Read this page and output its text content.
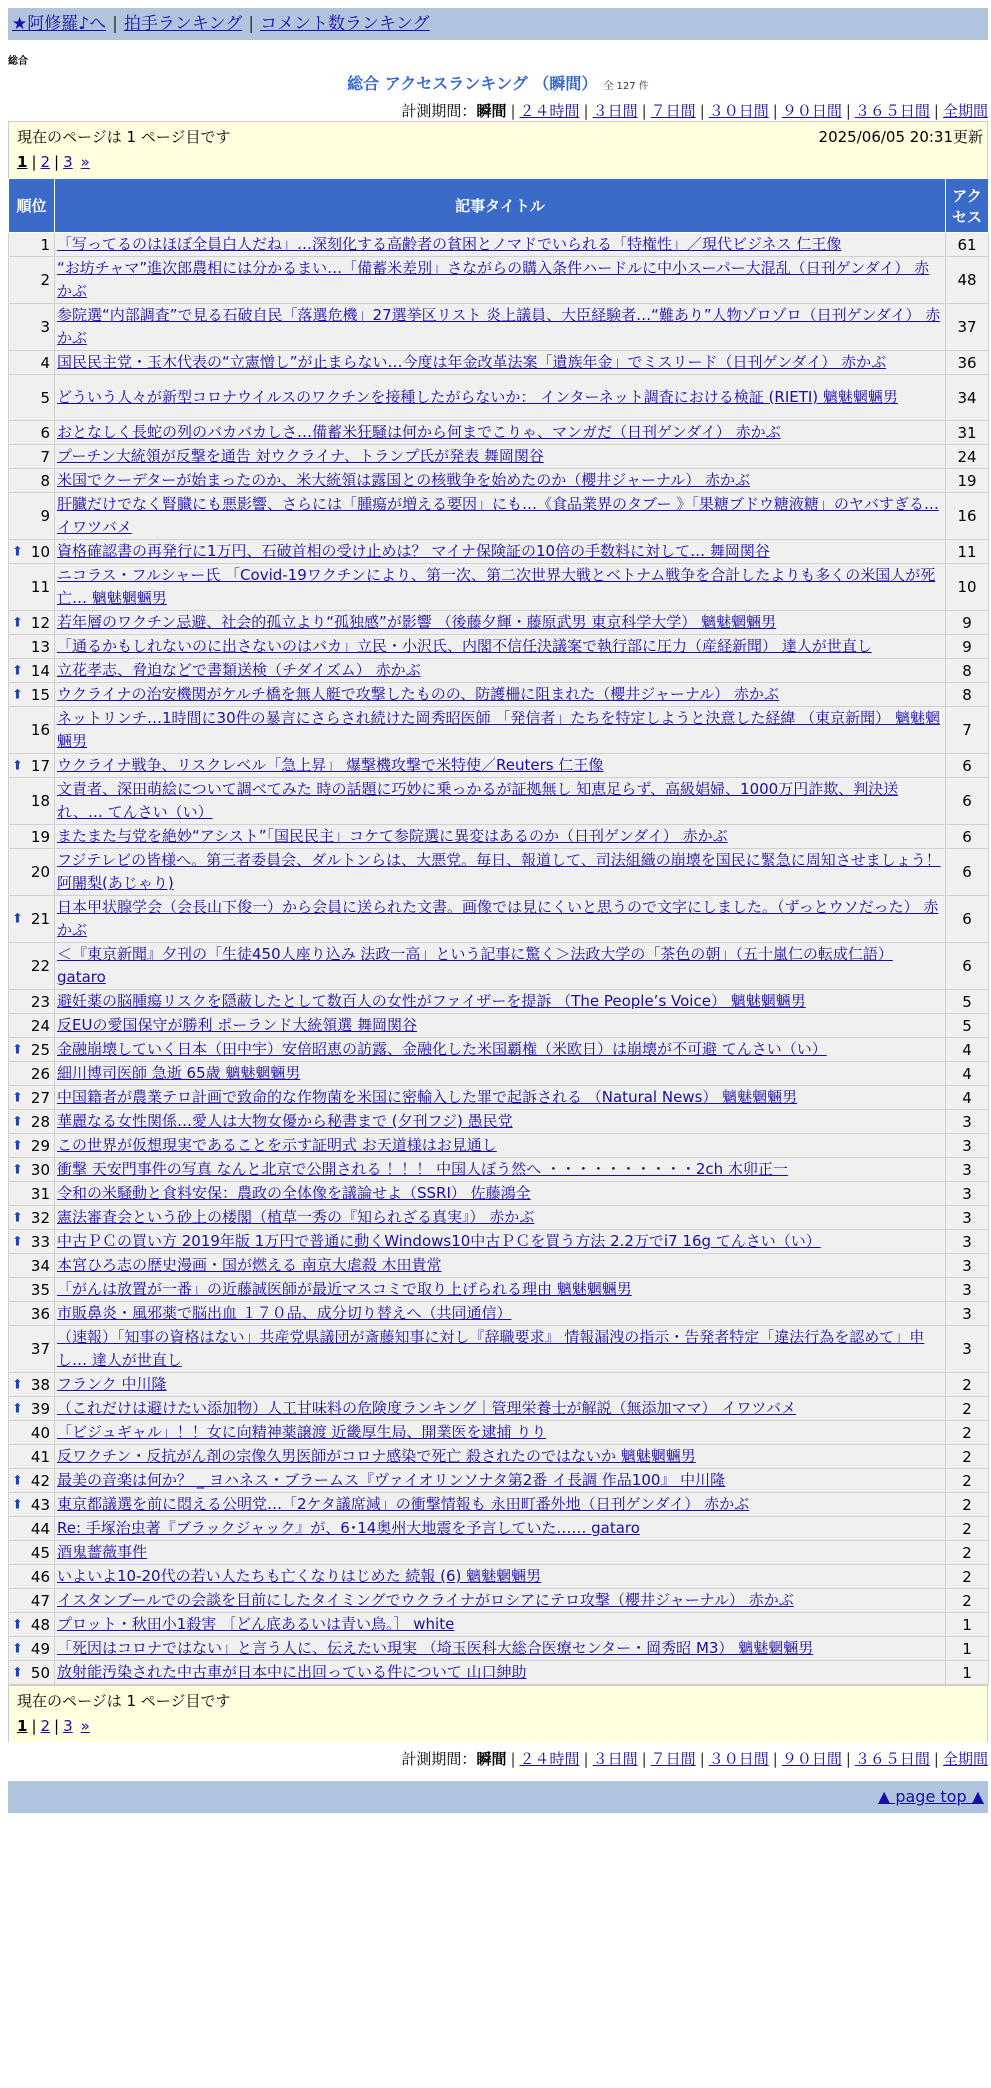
★阿修羅♪へ | 拍手ランキング | コメント数ランキング
総合
総合 アクセスランキング （瞬間） 全 127 件
計測期間：瞬間 | ２４時間 | ３日間 | ７日間 | ３０日間 | ９０日間 | ３６５日間 | 全期間
現在のページは 1 ページ目です	2025/06/05 20:31更新
1 | 2 | 3 »
順位	記事タイトル	アクセス
1	「写ってるのはほぼ全員白人だね」…深刻化する高齢者の貧困とノマドでいられる「特権性」／現代ビジネス 仁王像	61
2	“お坊チャマ”進次郎農相には分かるまい…「備蓄米差別」さながらの購入条件ハードルに中小スーパー大混乱（日刊ゲンダイ） 赤かぶ	48
3	参院選“内部調査”で見る石破自民「落選危機」27選挙区リスト 炎上議員、大臣経験者…“難あり”人物ゾロゾロ（日刊ゲンダイ） 赤かぶ	37
4	国民民主党・玉木代表の“立憲憎し”が止まらない…今度は年金改革法案「遺族年金」でミスリード（日刊ゲンダイ） 赤かぶ	36
5	どういう人々が新型コロナウイルスのワクチンを接種したがらないか： インターネット調査における検証 (RIETI) 魑魅魍魎男	34
6	おとなしく長蛇の列のバカバカしさ…備蓄米狂騒は何から何までこりゃ、マンガだ（日刊ゲンダイ） 赤かぶ	31
7	プーチン大統領が反撃を通告 対ウクライナ、トランプ氏が発表 舞岡関谷	24
8	米国でクーデターが始まったのか、米大統領は露国との核戦争を始めたのか（櫻井ジャーナル） 赤かぶ	19
9	肝臓だけでなく腎臓にも悪影響、さらには「腫瘍が増える要因」にも…《食品業界のタブー 》「果糖ブドウ糖液糖」のヤバすぎる… イワツバメ	16

⬆ 10	資格確認書の再発行に1万円、石破首相の受け止めは？ マイナ保険証の10倍の手数料に対して… 舞岡関谷	11
11	ニコラス・フルシャー氏 「Covid-19ワクチンにより、第一次、第二次世界大戦とベトナム戦争を合計したよりも多くの米国人が死亡… 魑魅魍魎男	10

⬆ 12	若年層のワクチン忌避、社会的孤立より“孤独感”が影響 （後藤夕輝・藤原武男 東京科学大学） 魑魅魍魎男	9
13	「通るかもしれないのに出さないのはバカ」立民・小沢氏、内閣不信任決議案で執行部に圧力（産経新聞） 達人が世直し	9

⬆ 14	立花孝志、脅迫などで書類送検（チダイズム） 赤かぶ	8

⬆ 15	ウクライナの治安機関がケルチ橋を無人艇で攻撃したものの、防護柵に阻まれた（櫻井ジャーナル） 赤かぶ	8
16	ネットリンチ…1時間に30件の暴言にさらされ続けた岡秀昭医師 「発信者」たちを特定しようと決意した経緯 （東京新聞） 魑魅魍魎男	7

⬆ 17	ウクライナ戦争、リスクレベル「急上昇」 爆撃機攻撃で米特使／Reuters 仁王像	6
18	文責者、深田萌絵について調べてみた 時の話題に巧妙に乗っかるが証拠無し 知恵足らず、高級娼婦、1000万円詐欺、判決送れ、… てんさい（い）	6
19	またまた与党を絶妙“アシスト”「国民民主」コケて参院選に異変はあるのか（日刊ゲンダイ） 赤かぶ	6
20	フジテレビの皆様へ。第三者委員会、ダルトンらは、大悪党。毎日、報道して、司法組織の崩壊を国民に緊急に周知させましょう！ 阿闍梨(あじゃり)	6

⬆ 21	日本甲状腺学会（会長山下俊一）から会員に送られた文書。画像では見にくいと思うので文字にしました。（ずっとウソだった） 赤かぶ	6
22	＜『東京新聞』夕刊の「生徒450人座り込み 法政一高」という記事に驚く＞法政大学の「茶色の朝」（五十嵐仁の転成仁語） gataro	6
23	避妊薬の脳腫瘍リスクを隠蔽したとして数百人の女性がファイザーを提訴 （The People’s Voice） 魑魅魍魎男	5
24	反EUの愛国保守が勝利 ポーランド大統領選 舞岡関谷	5

⬆ 25	金融崩壊していく日本（田中宇）安倍昭恵の訪露、金融化した米国覇権（米欧日）は崩壊が不可避 てんさい（い）	4
26	細川博司医師 急逝 65歳 魑魅魍魎男	4

⬆ 27	中国籍者が農業テロ計画で致命的な作物菌を米国に密輸入した罪で起訴される （Natural News） 魑魅魍魎男	4

⬆ 28	華麗なる女性関係…愛人は大物女優から秘書まで (夕刊フジ) 愚民党	3

⬆ 29	この世界が仮想現実であることを示す証明式 お天道様はお見通し	3

⬆ 30	衝撃 天安門事件の写真 なんと北京で公開される ！！！ 中国人ぼう然へ ・・・・・・・・・・2ch 木卯正一	3
31	令和の米騒動と食料安保：農政の全体像を議論せよ（SSRI） 佐藤鴻全	3

⬆ 32	憲法審査会という砂上の楼閣（植草一秀の『知られざる真実』） 赤かぶ	3

⬆ 33	中古ＰＣの買い方 2019年版 1万円で普通に動くWindows10中古ＰＣを買う方法 2.2万でi7 16g てんさい（い）	3
34	本宮ひろ志の歴史漫画・国が燃える 南京大虐殺 木田貴常	3
35	「がんは放置が一番」の近藤誠医師が最近マスコミで取り上げられる理由 魑魅魍魎男	3
36	市販鼻炎・風邪薬で脳出血 １７０品、成分切り替えへ（共同通信）	3
37	（速報）「知事の資格はない」共産党県議団が斎藤知事に対し『辞職要求』 情報漏洩の指示・告発者特定「違法行為を認めて」申し… 達人が世直し	3

⬆ 38	フランク 中川隆	2

⬆ 39	（これだけは避けたい添加物）人工甘味料の危険度ランキング｜管理栄養士が解説（無添加ママ） イワツバメ	2
40	「ビジュギャル」！！女に向精神薬譲渡 近畿厚生局、開業医を逮捕 りり	2
41	反ワクチン・反抗がん剤の宗像久男医師がコロナ感染で死亡 殺されたのではないか 魑魅魍魎男	2

⬆ 42	最美の音楽は何か？ _ ヨハネス・ブラームス『ヴァイオリンソナタ第2番 イ長調 作品100』 中川隆	2

⬆ 43	東京都議選を前に悶える公明党…「2ケタ議席減」の衝撃情報も 永田町番外地（日刊ゲンダイ） 赤かぶ	2
44	Re: 手塚治虫著『ブラックジャック』が、6･14奥州大地震を予言していた…… gataro	2
45	酒鬼薔薇事件	2
46	いよいよ10-20代の若い人たちも亡くなりはじめた 続報 (6) 魑魅魍魎男	2
47	イスタンブールでの会談を目前にしたタイミングでウクライナがロシアにテロ攻撃（櫻井ジャーナル） 赤かぶ	2

⬆ 48	プロット・秋田小1殺害 ［どん底あるいは青い鳥。］ white	1

⬆ 49	「死因はコロナではない」と言う人に、伝えたい現実 （埼玉医科大総合医療センター・岡秀昭 M3） 魑魅魍魎男	1

⬆ 50	放射能汚染された中古車が日本中に出回っている件について 山口紳助	1
現在のページは 1 ページ目です
1 | 2 | 3 »
計測期間：瞬間 | ２４時間 | ３日間 | ７日間 | ３０日間 | ９０日間 | ３６５日間 | 全期間
▲ page top ▲
